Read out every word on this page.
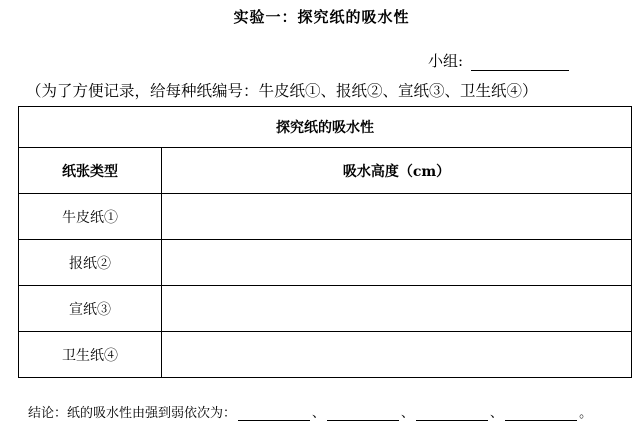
实验一：探究纸的吸水性
小组:
（为了方便记录，给每种纸编号：牛皮纸①、报纸②、宣纸③、卫生纸④）
探究纸的吸水性	
纸张类型	吸水高度（cm）
牛皮纸①	
报纸②	
宣纸③	
卫生纸④	
结论：纸的吸水性由强到弱依次为：	、	、	、	。
